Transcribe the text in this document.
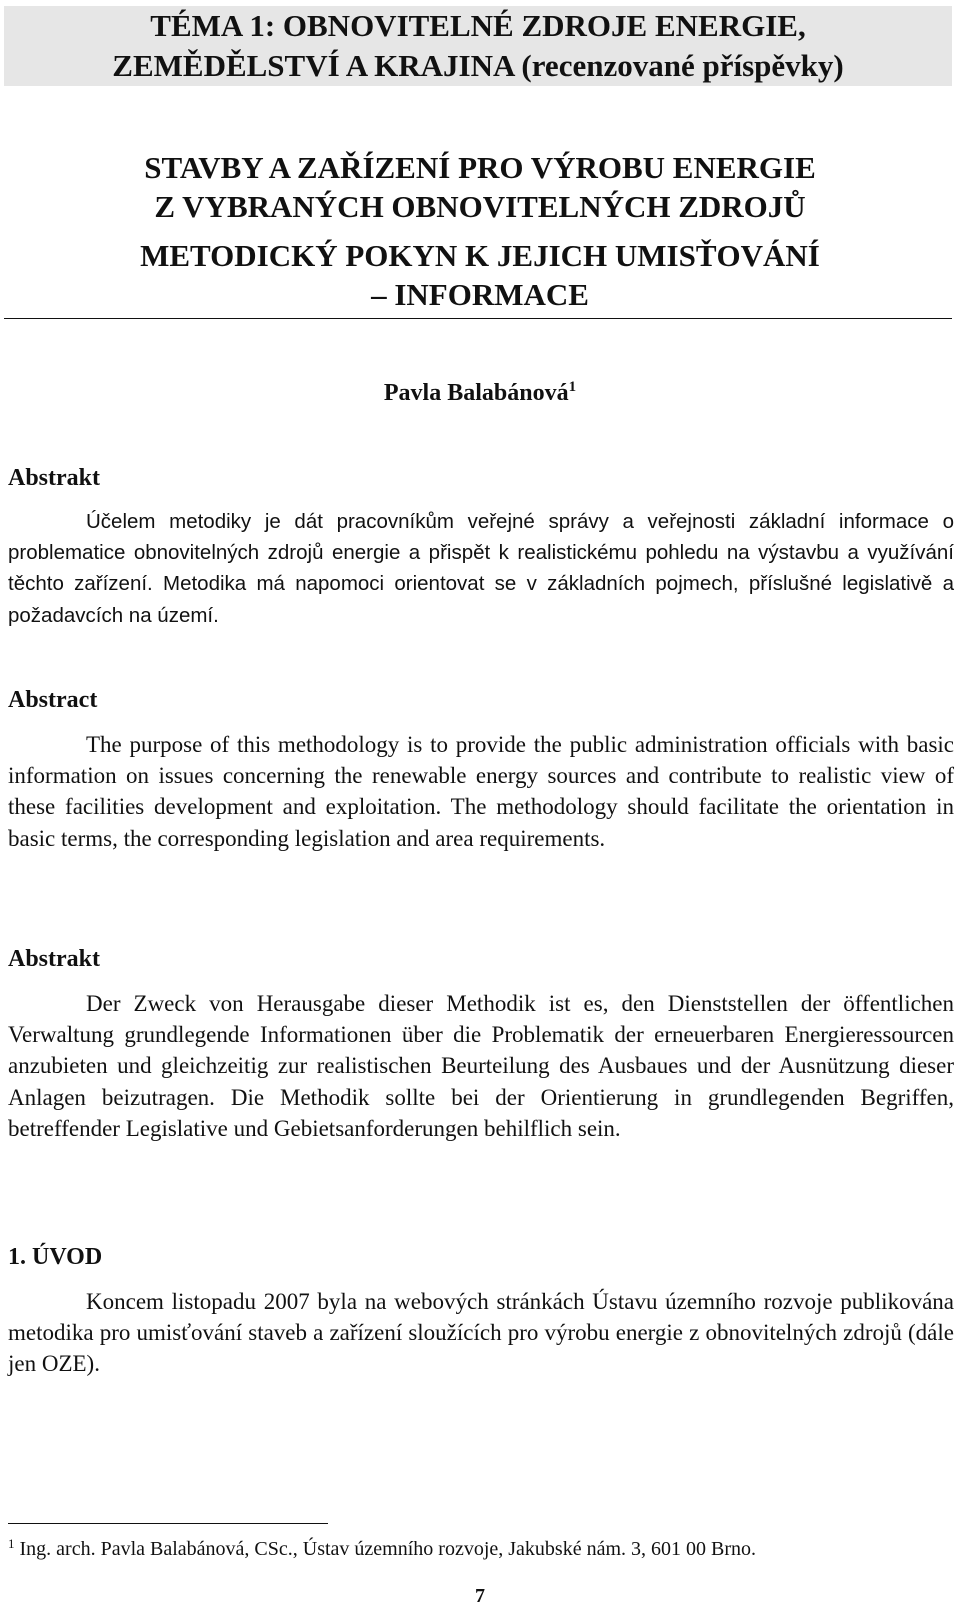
TÉMA 1: OBNOVITELNÉ ZDROJE ENERGIE,
ZEMĚDĚLSTVÍ A KRAJINA (recenzované příspěvky)
STAVBY A ZAŘÍZENÍ PRO VÝROBU ENERGIE
Z VYBRANÝCH OBNOVITELNÝCH ZDROJŮ
METODICKÝ POKYN K JEJICH UMISŤOVÁNÍ
– INFORMACE
Pavla Balabánová$^1$
Abstrakt

Účelem metodiky je dát pracovníkům veřejné správy a veřejnosti základní informace o problematice obnovitelných zdrojů energie a přispět k realistickému pohledu na výstavbu a využívání těchto zařízení. Metodika má napomoci orientovat se v základních pojmech, příslušné legislativě a požadavcích na území.

Abstract

The purpose of this methodology is to provide the public administration officials with basic information on issues concerning the renewable energy sources and contribute to realistic view of these facilities development and exploitation. The methodology should facilitate the orientation in basic terms, the corresponding legislation and area requirements.

Abstrakt

Der Zweck von Herausgabe dieser Methodik ist es, den Dienststellen der öffentlichen Verwaltung grundlegende Informationen über die Problematik der erneuerbaren Energieressourcen anzubieten und gleichzeitig zur realistischen Beurteilung des Ausbaues und der Ausnützung dieser Anlagen beizutragen. Die Methodik sollte bei der Orientierung in grundlegenden Begriffen, betreffender Legislative und Gebietsanforderungen behilflich sein.

1. ÚVOD

Koncem listopadu 2007 byla na webových stránkách Ústavu územního rozvoje publikována metodika pro umisťování staveb a zařízení sloužících pro výrobu energie z obnovitelných zdrojů (dále jen OZE).

$^1$ Ing. arch. Pavla Balabánová, CSc., Ústav územního rozvoje, Jakubské nám. 3, 601 00 Brno.
7
